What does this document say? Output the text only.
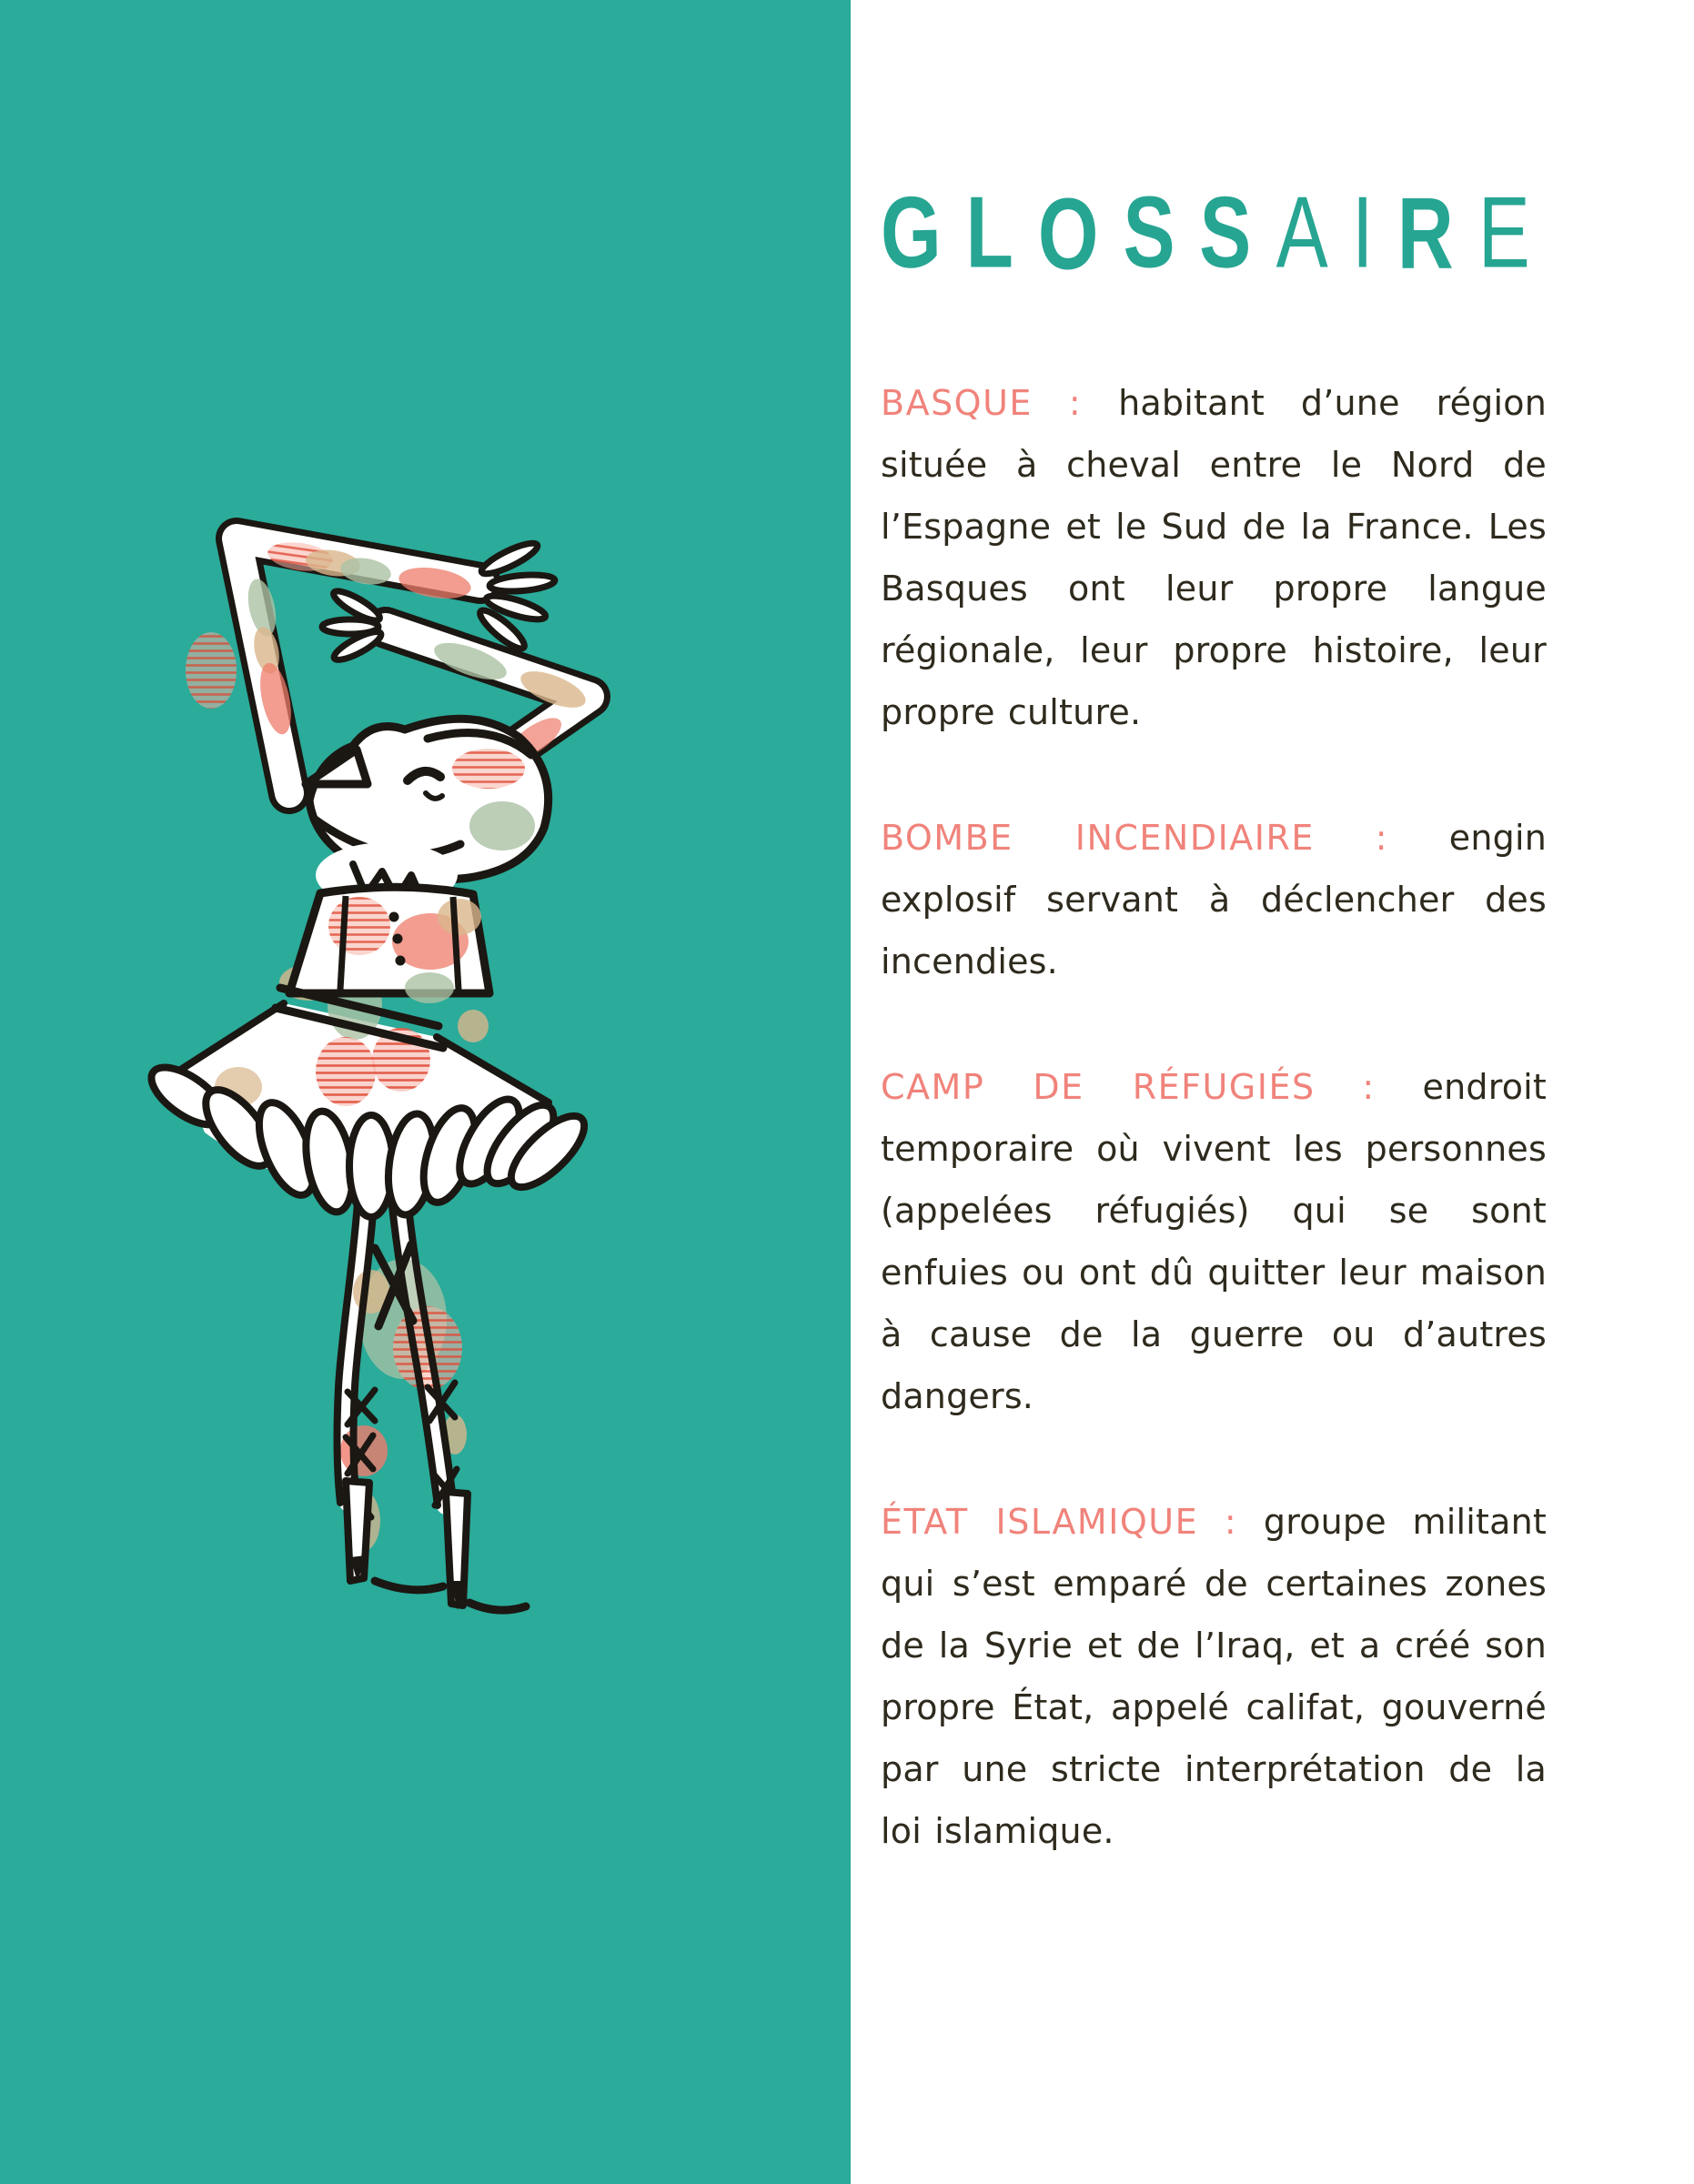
G L O S S A I R E

BASQUE : habitant d’une région située à cheval entre le Nord de l’Espagne et le Sud de la France. Les Basques ont leur propre langue régionale, leur propre histoire, leur propre culture.

BOMBE INCENDIAIRE : engin explosif servant à déclencher des incendies.

CAMP DE RÉFUGIÉS : endroit temporaire où vivent les personnes (appelées réfugiés) qui se sont enfuies ou ont dû quitter leur maison à cause de la guerre ou d’autres dangers.

ÉTAT ISLAMIQUE : groupe militant qui s’est emparé de certaines zones de la Syrie et de l’Iraq, et a créé son propre État, appelé califat, gouverné par une stricte interprétation de la loi islamique.
